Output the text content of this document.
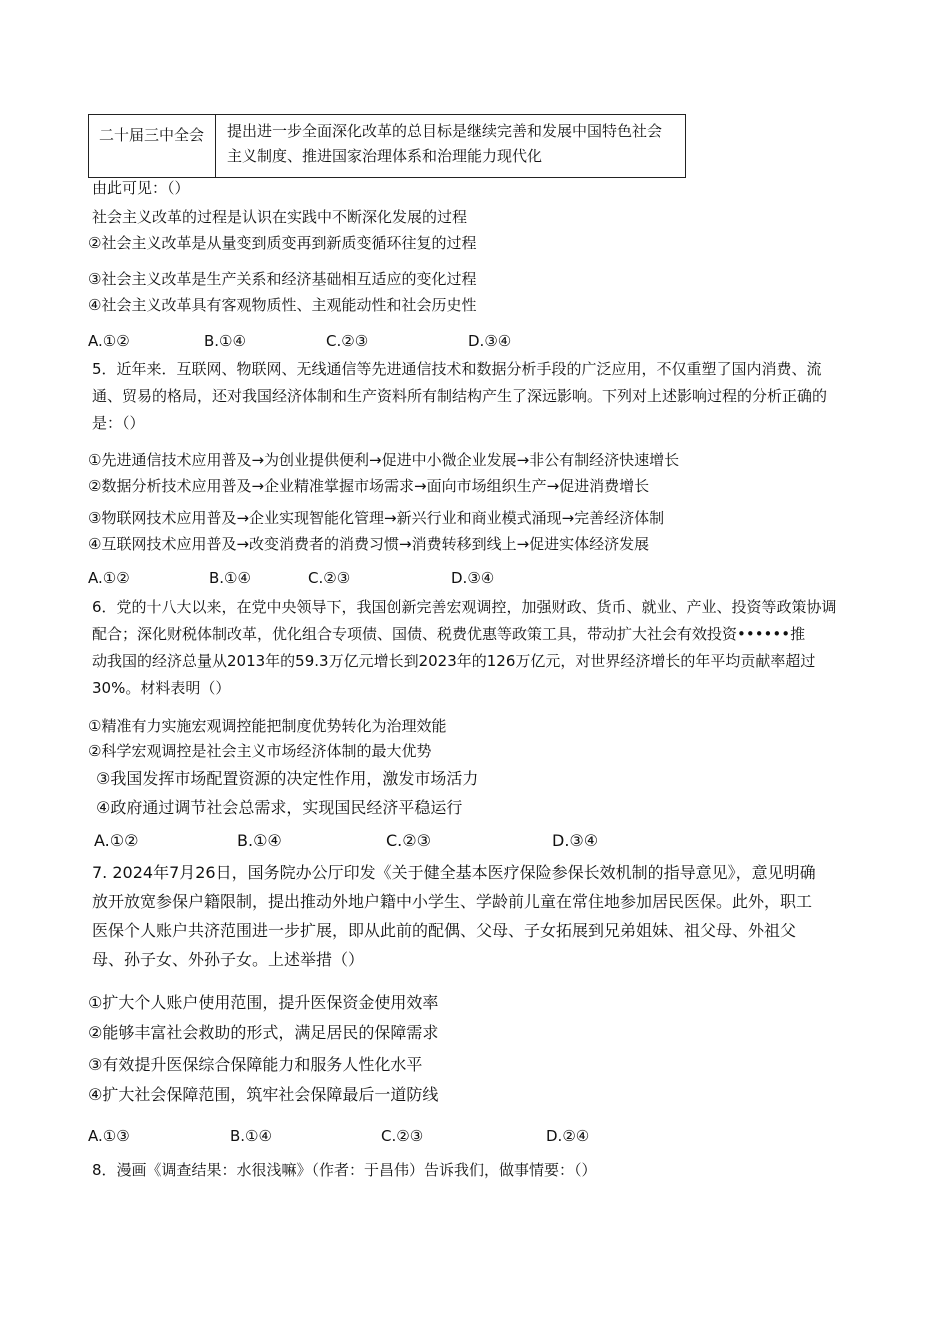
二十届三中全会 提出进一步全面深化改革的总目标是继续完善和发展中国特色社会
主义制度、推进国家治理体系和治理能力现代化
由此可见：（）
社会主义改革的过程是认识在实践中不断深化发展的过程
②社会主义改革是从量变到质变再到新质变循环往复的过程
③社会主义改革是生产关系和经济基础相互适应的变化过程
④社会主义改革具有客观物质性、主观能动性和社会历史性
A.①②	B.①④	C.②③	D.③④
5．近年来．互联网、物联网、无线通信等先进通信技术和数据分析手段的广泛应用，不仅重塑了国内消费、流
通、贸易的格局，还对我国经济体制和生产资料所有制结构产生了深远影响。下列对上述影响过程的分析正确的
是：（）
①先进通信技术应用普及→为创业提供便利→促进中小微企业发展→非公有制经济快速增长
②数据分析技术应用普及→企业精准掌握市场需求→面向市场组织生产→促进消费增长
③物联网技术应用普及→企业实现智能化管理→新兴行业和商业模式涌现→完善经济体制
④互联网技术应用普及→改变消费者的消费习惯→消费转移到线上→促进实体经济发展
A.①②	B.①④	C.②③	D.③④
6．党的十八大以来，在党中央领导下，我国创新完善宏观调控，加强财政、货币、就业、产业、投资等政策协调
配合；深化财税体制改革，优化组合专项债、国债、税费优惠等政策工具，带动扩大社会有效投资••••••推
动我国的经济总量从2013年的59.3万亿元增长到2023年的126万亿元，对世界经济增长的年平均贡献率超过
30%。材料表明（）
①精准有力实施宏观调控能把制度优势转化为治理效能
②科学宏观调控是社会主义市场经济体制的最大优势
③我国发挥市场配置资源的决定性作用，激发市场活力
④政府通过调节社会总需求，实现国民经济平稳运行
A.①②	B.①④	C.②③	D.③④
7. 2024年7月26日，国务院办公厅印发《关于健全基本医疗保险参保长效机制的指导意见》，意见明确
放开放宽参保户籍限制，提出推动外地户籍中小学生、学龄前儿童在常住地参加居民医保。此外，职工
医保个人账户共济范围进一步扩展，即从此前的配偶、父母、子女拓展到兄弟姐妹、祖父母、外祖父
母、孙子女、外孙子女。上述举措（）
①扩大个人账户使用范围，提升医保资金使用效率
②能够丰富社会救助的形式，满足居民的保障需求
③有效提升医保综合保障能力和服务人性化水平
④扩大社会保障范围，筑牢社会保障最后一道防线
A.①③	B.①④	C.②③	D.②④
8．漫画《调查结果：水很浅嘛》（作者：于昌伟）告诉我们，做事情要：（）
